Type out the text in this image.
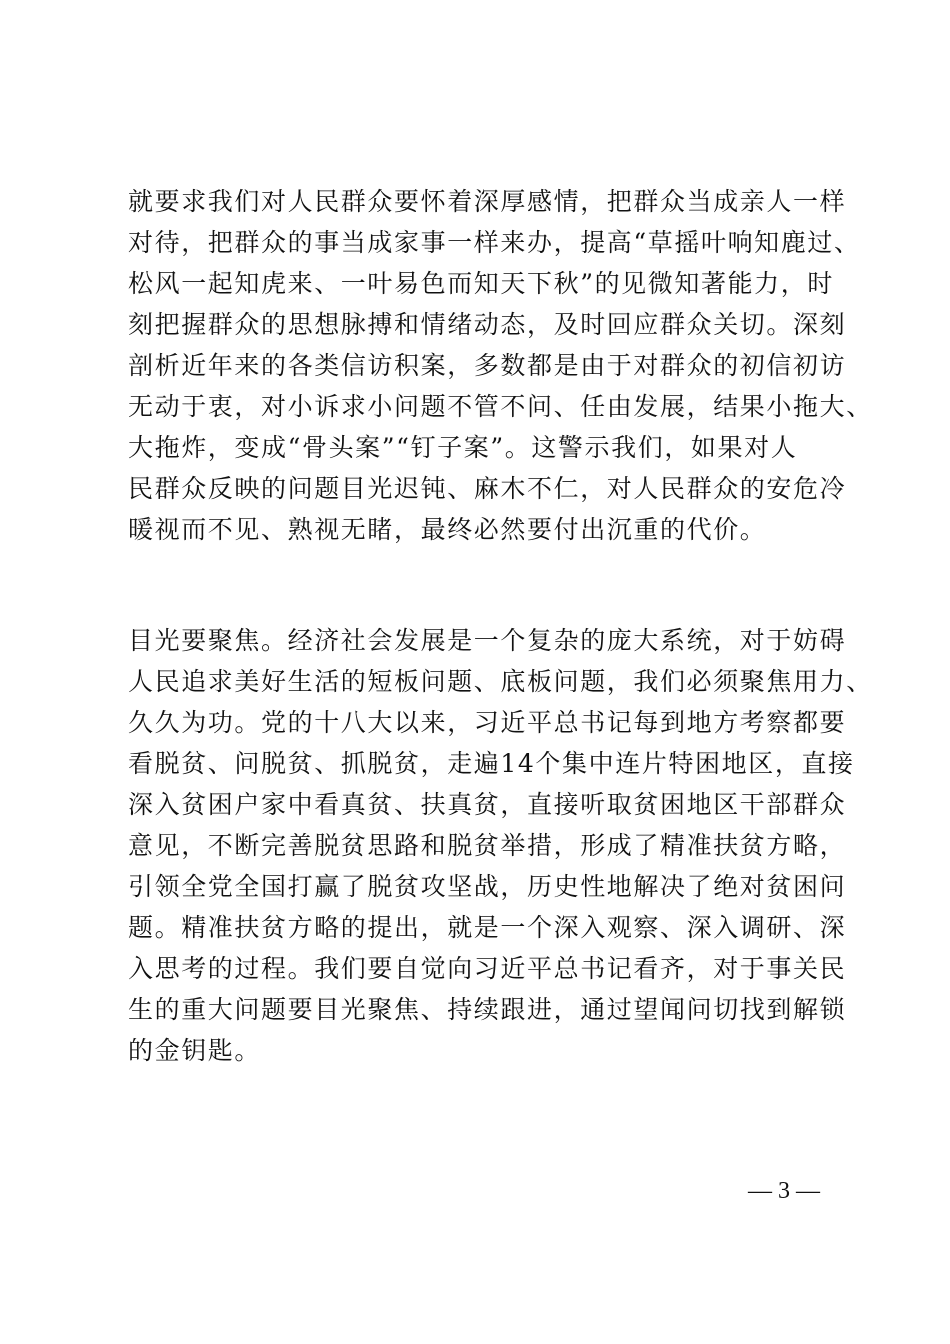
就要求我们对人民群众要怀着深厚感情，把群众当成亲人一样
对待，把群众的事当成家事一样来办，提高“草摇叶响知鹿过、
松风一起知虎来、一叶易色而知天下秋”的见微知著能力，时
刻把握群众的思想脉搏和情绪动态，及时回应群众关切。深刻
剖析近年来的各类信访积案，多数都是由于对群众的初信初访
无动于衷，对小诉求小问题不管不问、任由发展，结果小拖大、
大拖炸，变成“骨头案”“钉子案”。这警示我们，如果对人
民群众反映的问题目光迟钝、麻木不仁，对人民群众的安危冷
暖视而不见、熟视无睹，最终必然要付出沉重的代价。
目光要聚焦。经济社会发展是一个复杂的庞大系统，对于妨碍
人民追求美好生活的短板问题、底板问题，我们必须聚焦用力、
久久为功。党的十八大以来，习近平总书记每到地方考察都要
看脱贫、问脱贫、抓脱贫，走遍14个集中连片特困地区，直接
深入贫困户家中看真贫、扶真贫，直接听取贫困地区干部群众
意见，不断完善脱贫思路和脱贫举措，形成了精准扶贫方略，
引领全党全国打赢了脱贫攻坚战，历史性地解决了绝对贫困问
题。精准扶贫方略的提出，就是一个深入观察、深入调研、深
入思考的过程。我们要自觉向习近平总书记看齐，对于事关民
生的重大问题要目光聚焦、持续跟进，通过望闻问切找到解锁
的金钥匙。
— 3 —
